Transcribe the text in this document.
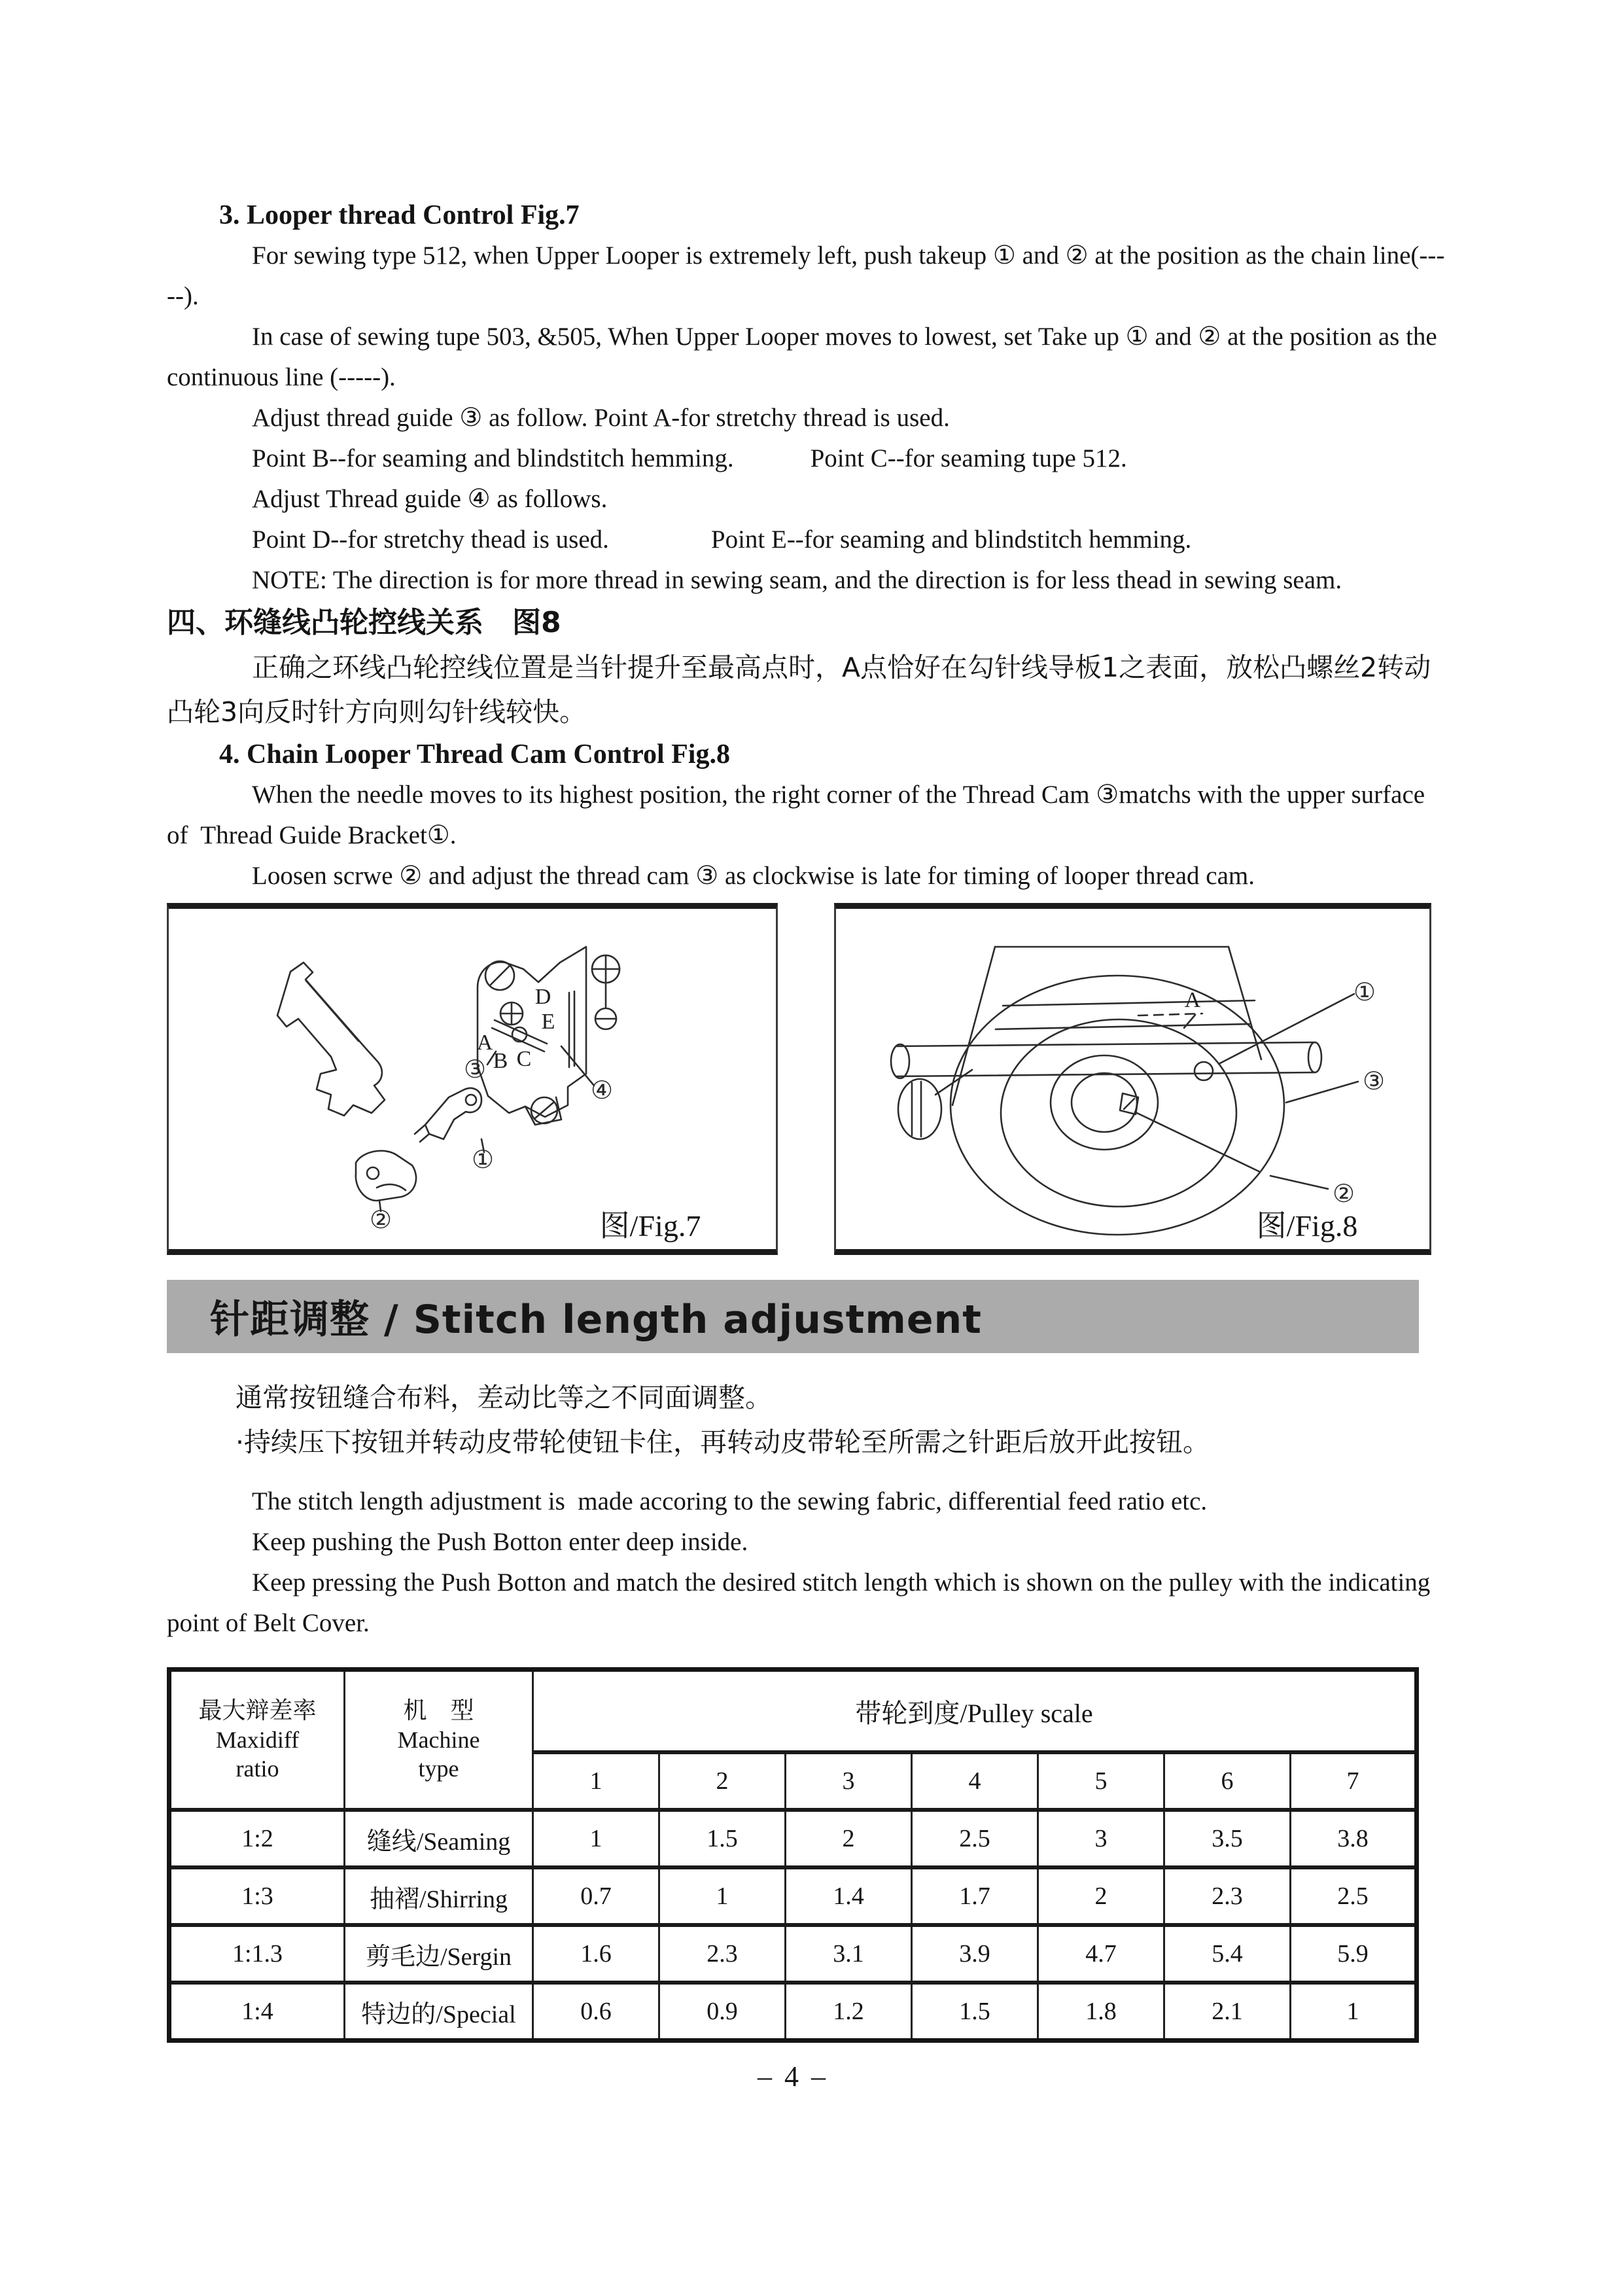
3. Looper thread Control Fig.7

For sewing type 512, when Upper Looper is extremely left, push takeup ① and ② at the position as the chain line(-----).

In case of sewing tupe 503, &505, When Upper Looper moves to lowest, set Take up ① and ② at the position as the continuous line (-----).

Adjust thread guide ③ as follow. Point A-for stretchy thread is used.

Point B--for seaming and blindstitch hemming.            Point C--for seaming tupe 512.

Adjust Thread guide ④ as follows.

Point D--for stretchy thead is used.                Point E--for seaming and blindstitch hemming.

NOTE: The direction is for more thread in sewing seam, and the direction is for less thead in sewing seam.

四、环缝线凸轮控线关系　图8

正确之环线凸轮控线位置是当针提升至最高点时，A点恰好在勾针线导板1之表面，放松凸螺丝2转动凸轮3向反时针方向则勾针线较快。

4. Chain Looper Thread Cam Control Fig.8

When the needle moves to its highest position, the right corner of the Thread Cam ③matchs with the upper surface of  Thread Guide Bracket①.

Loosen scrwe ② and adjust the thread cam ③ as clockwise is late for timing of looper thread cam.

D
E
A
B C
③
④
①
②	图/Fig.7
A	①
③
②
图/Fig.8
针距调整 / Stitch length adjustment

通常按钮缝合布料，差动比等之不同面调整。

·持续压下按钮并转动皮带轮使钮卡住，再转动皮带轮至所需之针距后放开此按钮。

The stitch length adjustment is  made accoring to the sewing fabric, differential feed ratio etc.

Keep pushing the Push Botton enter deep inside.

Keep pressing the Push Botton and match the desired stitch length which is shown on the pulley with the indicating point of Belt Cover.

最大辩差率
Maxidiff
ratio	机　型
Machine
type	带轮到度/Pulley scale						
		1	2	3	4	5	6	7
1:2	缝线/Seaming	1	1.5	2	2.5	3	3.5	3.8
1:3	抽褶/Shirring	0.7	1	1.4	1.7	2	2.3	2.5
1:1.3	剪毛边/Sergin	1.6	2.3	3.1	3.9	4.7	5.4	5.9
1:4	特边的/Special	0.6	0.9	1.2	1.5	1.8	2.1	1
– 4 –
